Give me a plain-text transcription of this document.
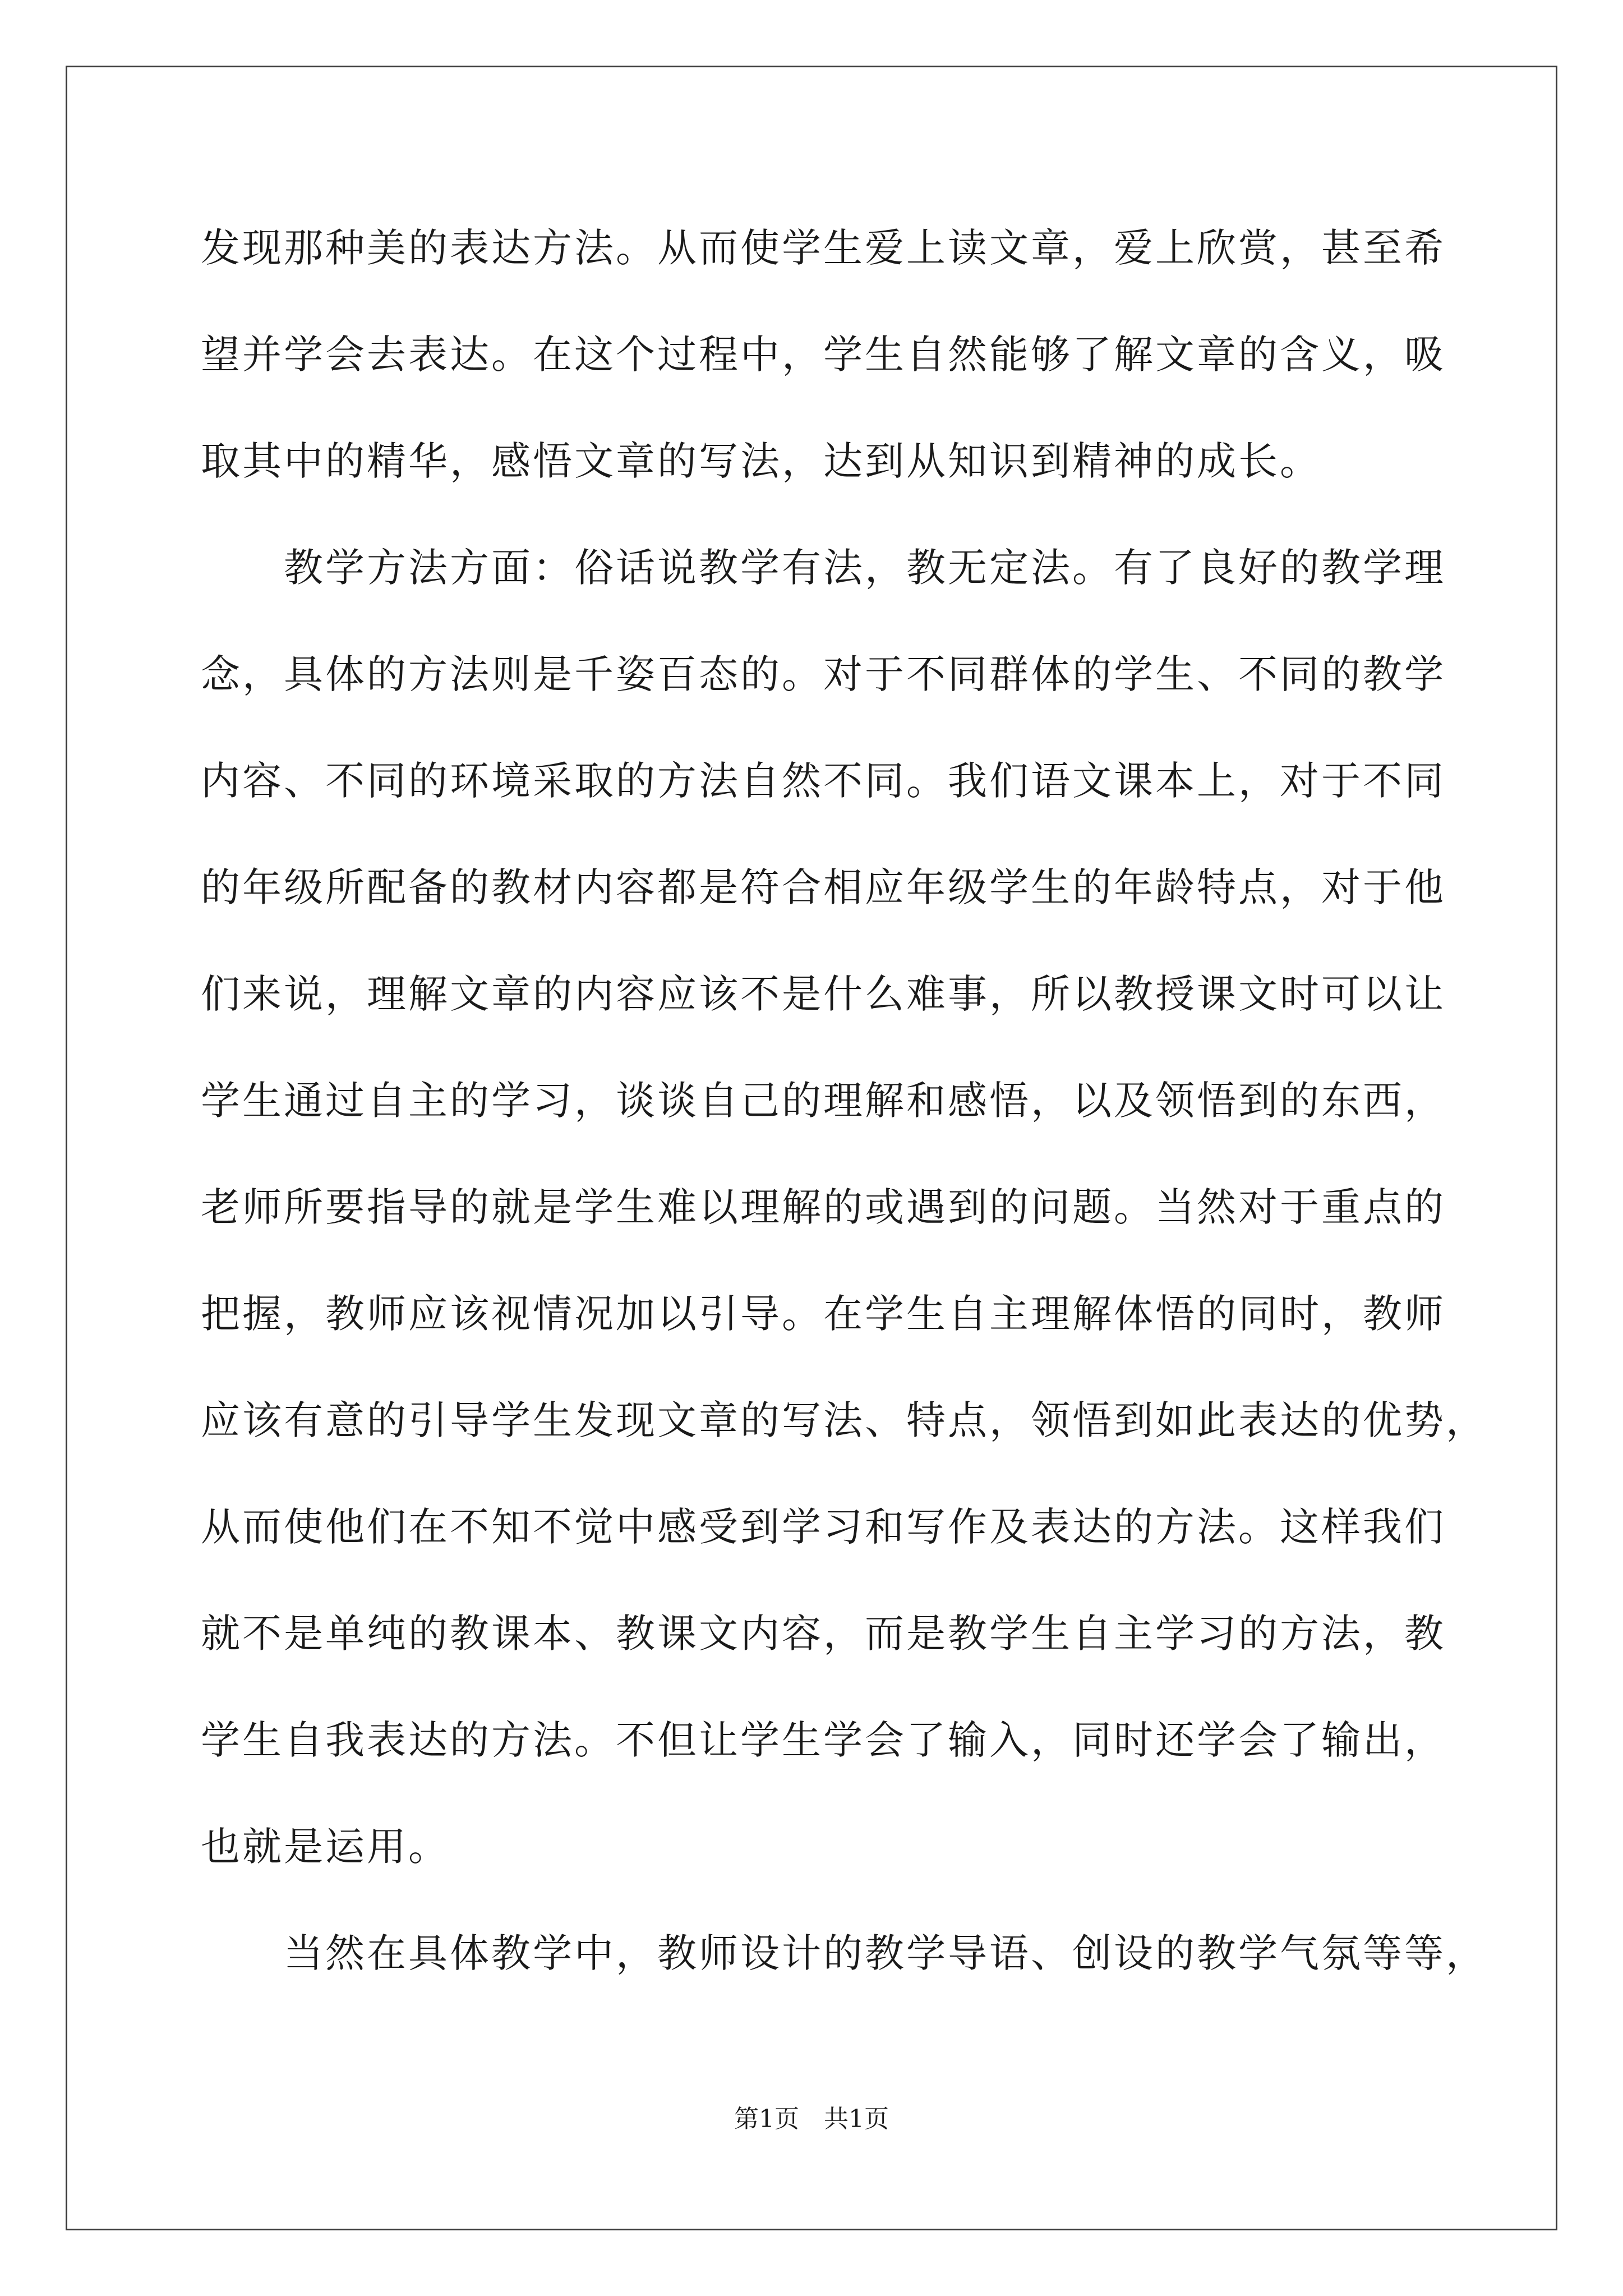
发现那种美的表达方法。从而使学生爱上读文章，爱上欣赏，甚至希
望并学会去表达。在这个过程中，学生自然能够了解文章的含义，吸
取其中的精华，感悟文章的写法，达到从知识到精神的成长。
　　教学方法方面：俗话说教学有法，教无定法。有了良好的教学理
念，具体的方法则是千姿百态的。对于不同群体的学生、不同的教学
内容、不同的环境采取的方法自然不同。我们语文课本上，对于不同
的年级所配备的教材内容都是符合相应年级学生的年龄特点，对于他
们来说，理解文章的内容应该不是什么难事，所以教授课文时可以让
学生通过自主的学习，谈谈自己的理解和感悟，以及领悟到的东西，
老师所要指导的就是学生难以理解的或遇到的问题。当然对于重点的
把握，教师应该视情况加以引导。在学生自主理解体悟的同时，教师
应该有意的引导学生发现文章的写法、特点，领悟到如此表达的优势，
从而使他们在不知不觉中感受到学习和写作及表达的方法。这样我们
就不是单纯的教课本、教课文内容，而是教学生自主学习的方法，教
学生自我表达的方法。不但让学生学会了输入，同时还学会了输出，
也就是运用。
　　当然在具体教学中，教师设计的教学导语、创设的教学气氛等等，
第1页　共1页
